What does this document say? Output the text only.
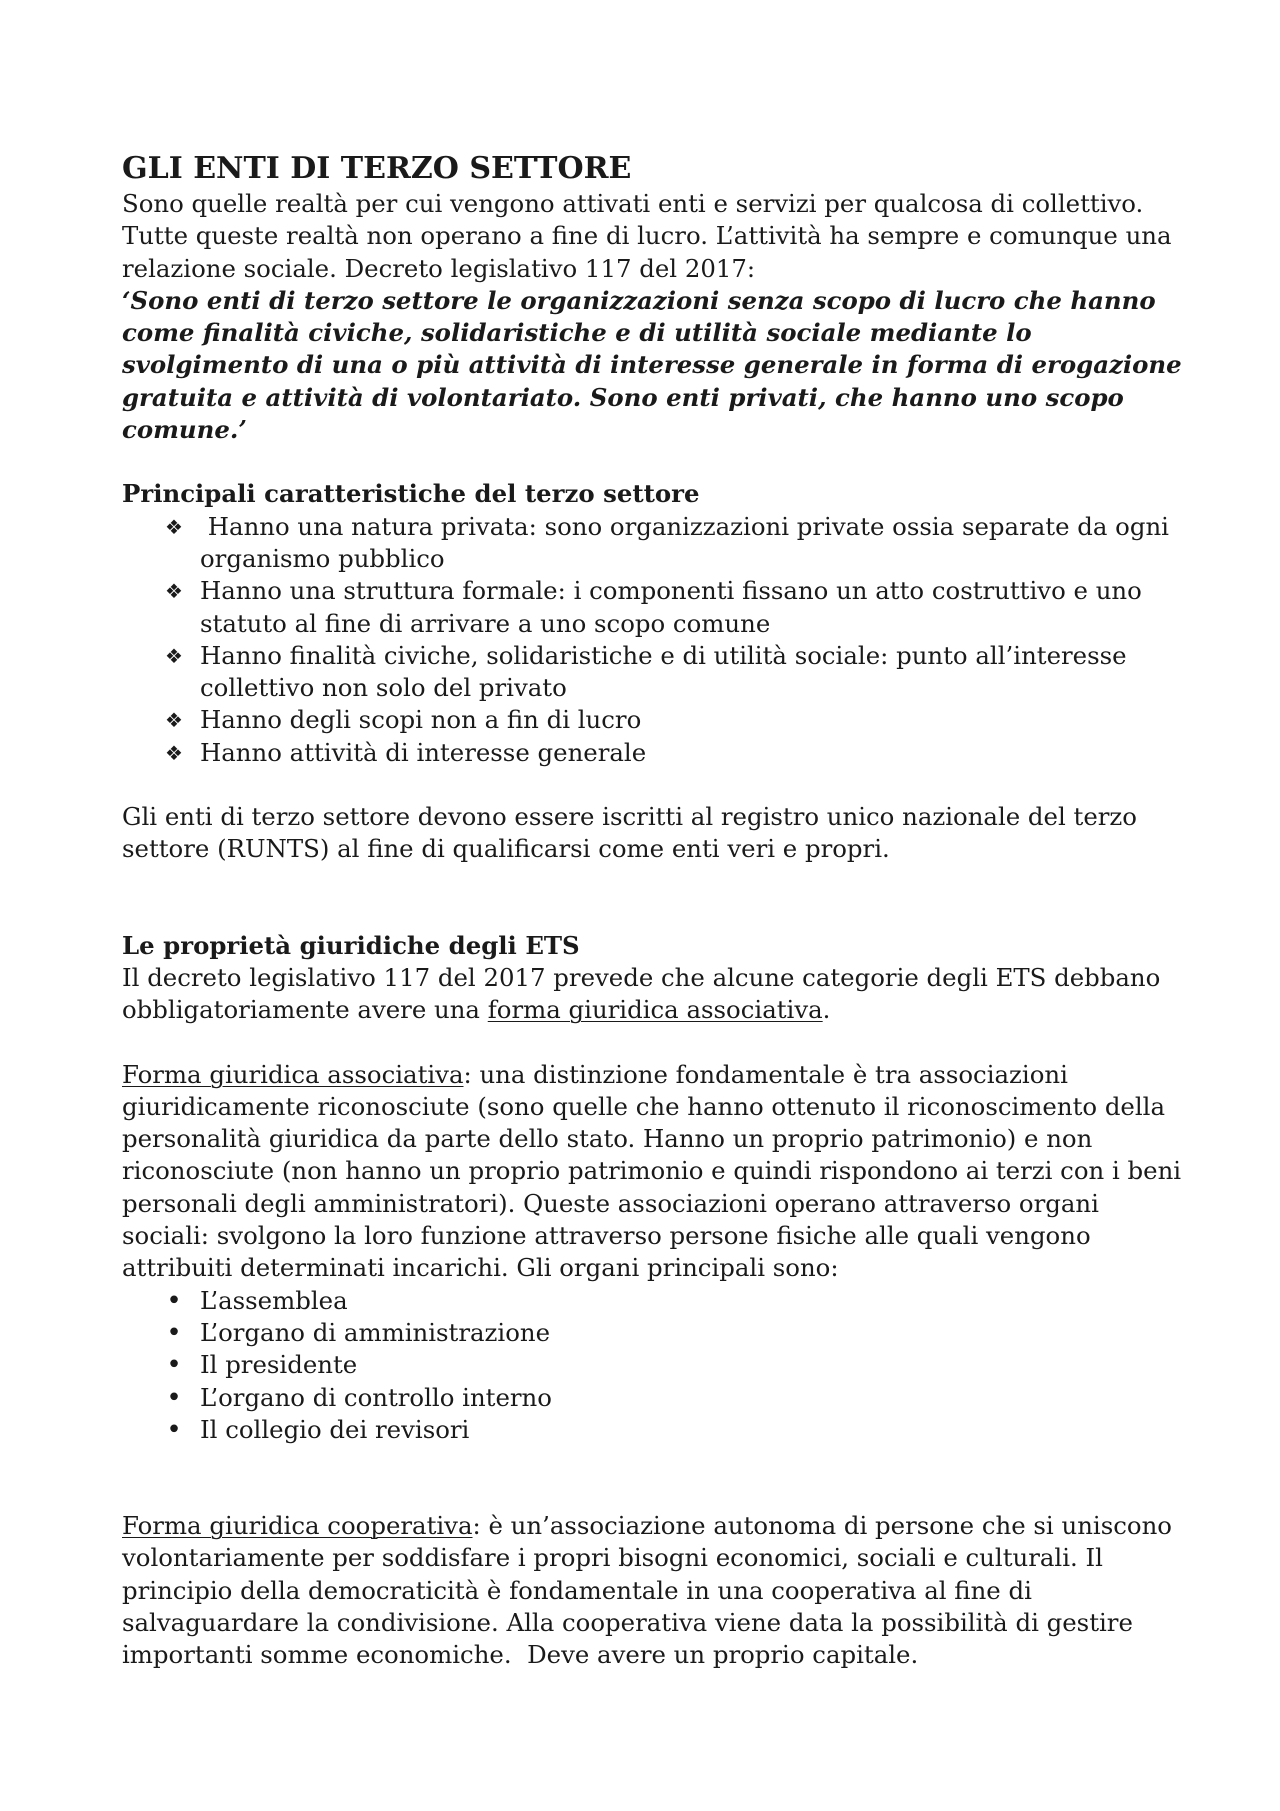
GLI ENTI DI TERZO SETTORE

Sono quelle realtà per cui vengono attivati enti e servizi per qualcosa di collettivo. Tutte queste realtà non operano a fine di lucro. L’attività ha sempre e comunque una relazione sociale. Decreto legislativo 117 del 2017:

‘Sono enti di terzo settore le organizzazioni senza scopo di lucro che hanno come finalità civiche, solidaristiche e di utilità sociale mediante lo svolgimento di una o più attività di interesse generale in forma di erogazione gratuita e attività di volontariato. Sono enti privati, che hanno uno scopo comune.’

Principali caratteristiche del terzo settore

❖ Hanno una natura privata: sono organizzazioni private ossia separate da ogni organismo pubblico
❖ Hanno una struttura formale: i componenti fissano un atto costruttivo e uno statuto al fine di arrivare a uno scopo comune
❖ Hanno finalità civiche, solidaristiche e di utilità sociale: punto all’interesse collettivo non solo del privato
❖ Hanno degli scopi non a fin di lucro
❖ Hanno attività di interesse generale

Gli enti di terzo settore devono essere iscritti al registro unico nazionale del terzo settore (RUNTS) al fine di qualificarsi come enti veri e propri.

Le proprietà giuridiche degli ETS

Il decreto legislativo 117 del 2017 prevede che alcune categorie degli ETS debbano obbligatoriamente avere una forma giuridica associativa.

Forma giuridica associativa: una distinzione fondamentale è tra associazioni giuridicamente riconosciute (sono quelle che hanno ottenuto il riconoscimento della personalità giuridica da parte dello stato. Hanno un proprio patrimonio) e non riconosciute (non hanno un proprio patrimonio e quindi rispondono ai terzi con i beni personali degli amministratori). Queste associazioni operano attraverso organi sociali: svolgono la loro funzione attraverso persone fisiche alle quali vengono attribuiti determinati incarichi. Gli organi principali sono:

• L’assemblea
• L’organo di amministrazione
• Il presidente
• L’organo di controllo interno
• Il collegio dei revisori

Forma giuridica cooperativa: è un’associazione autonoma di persone che si uniscono volontariamente per soddisfare i propri bisogni economici, sociali e culturali. Il principio della democraticità è fondamentale in una cooperativa al fine di salvaguardare la condivisione. Alla cooperativa viene data la possibilità di gestire importanti somme economiche.  Deve avere un proprio capitale.
